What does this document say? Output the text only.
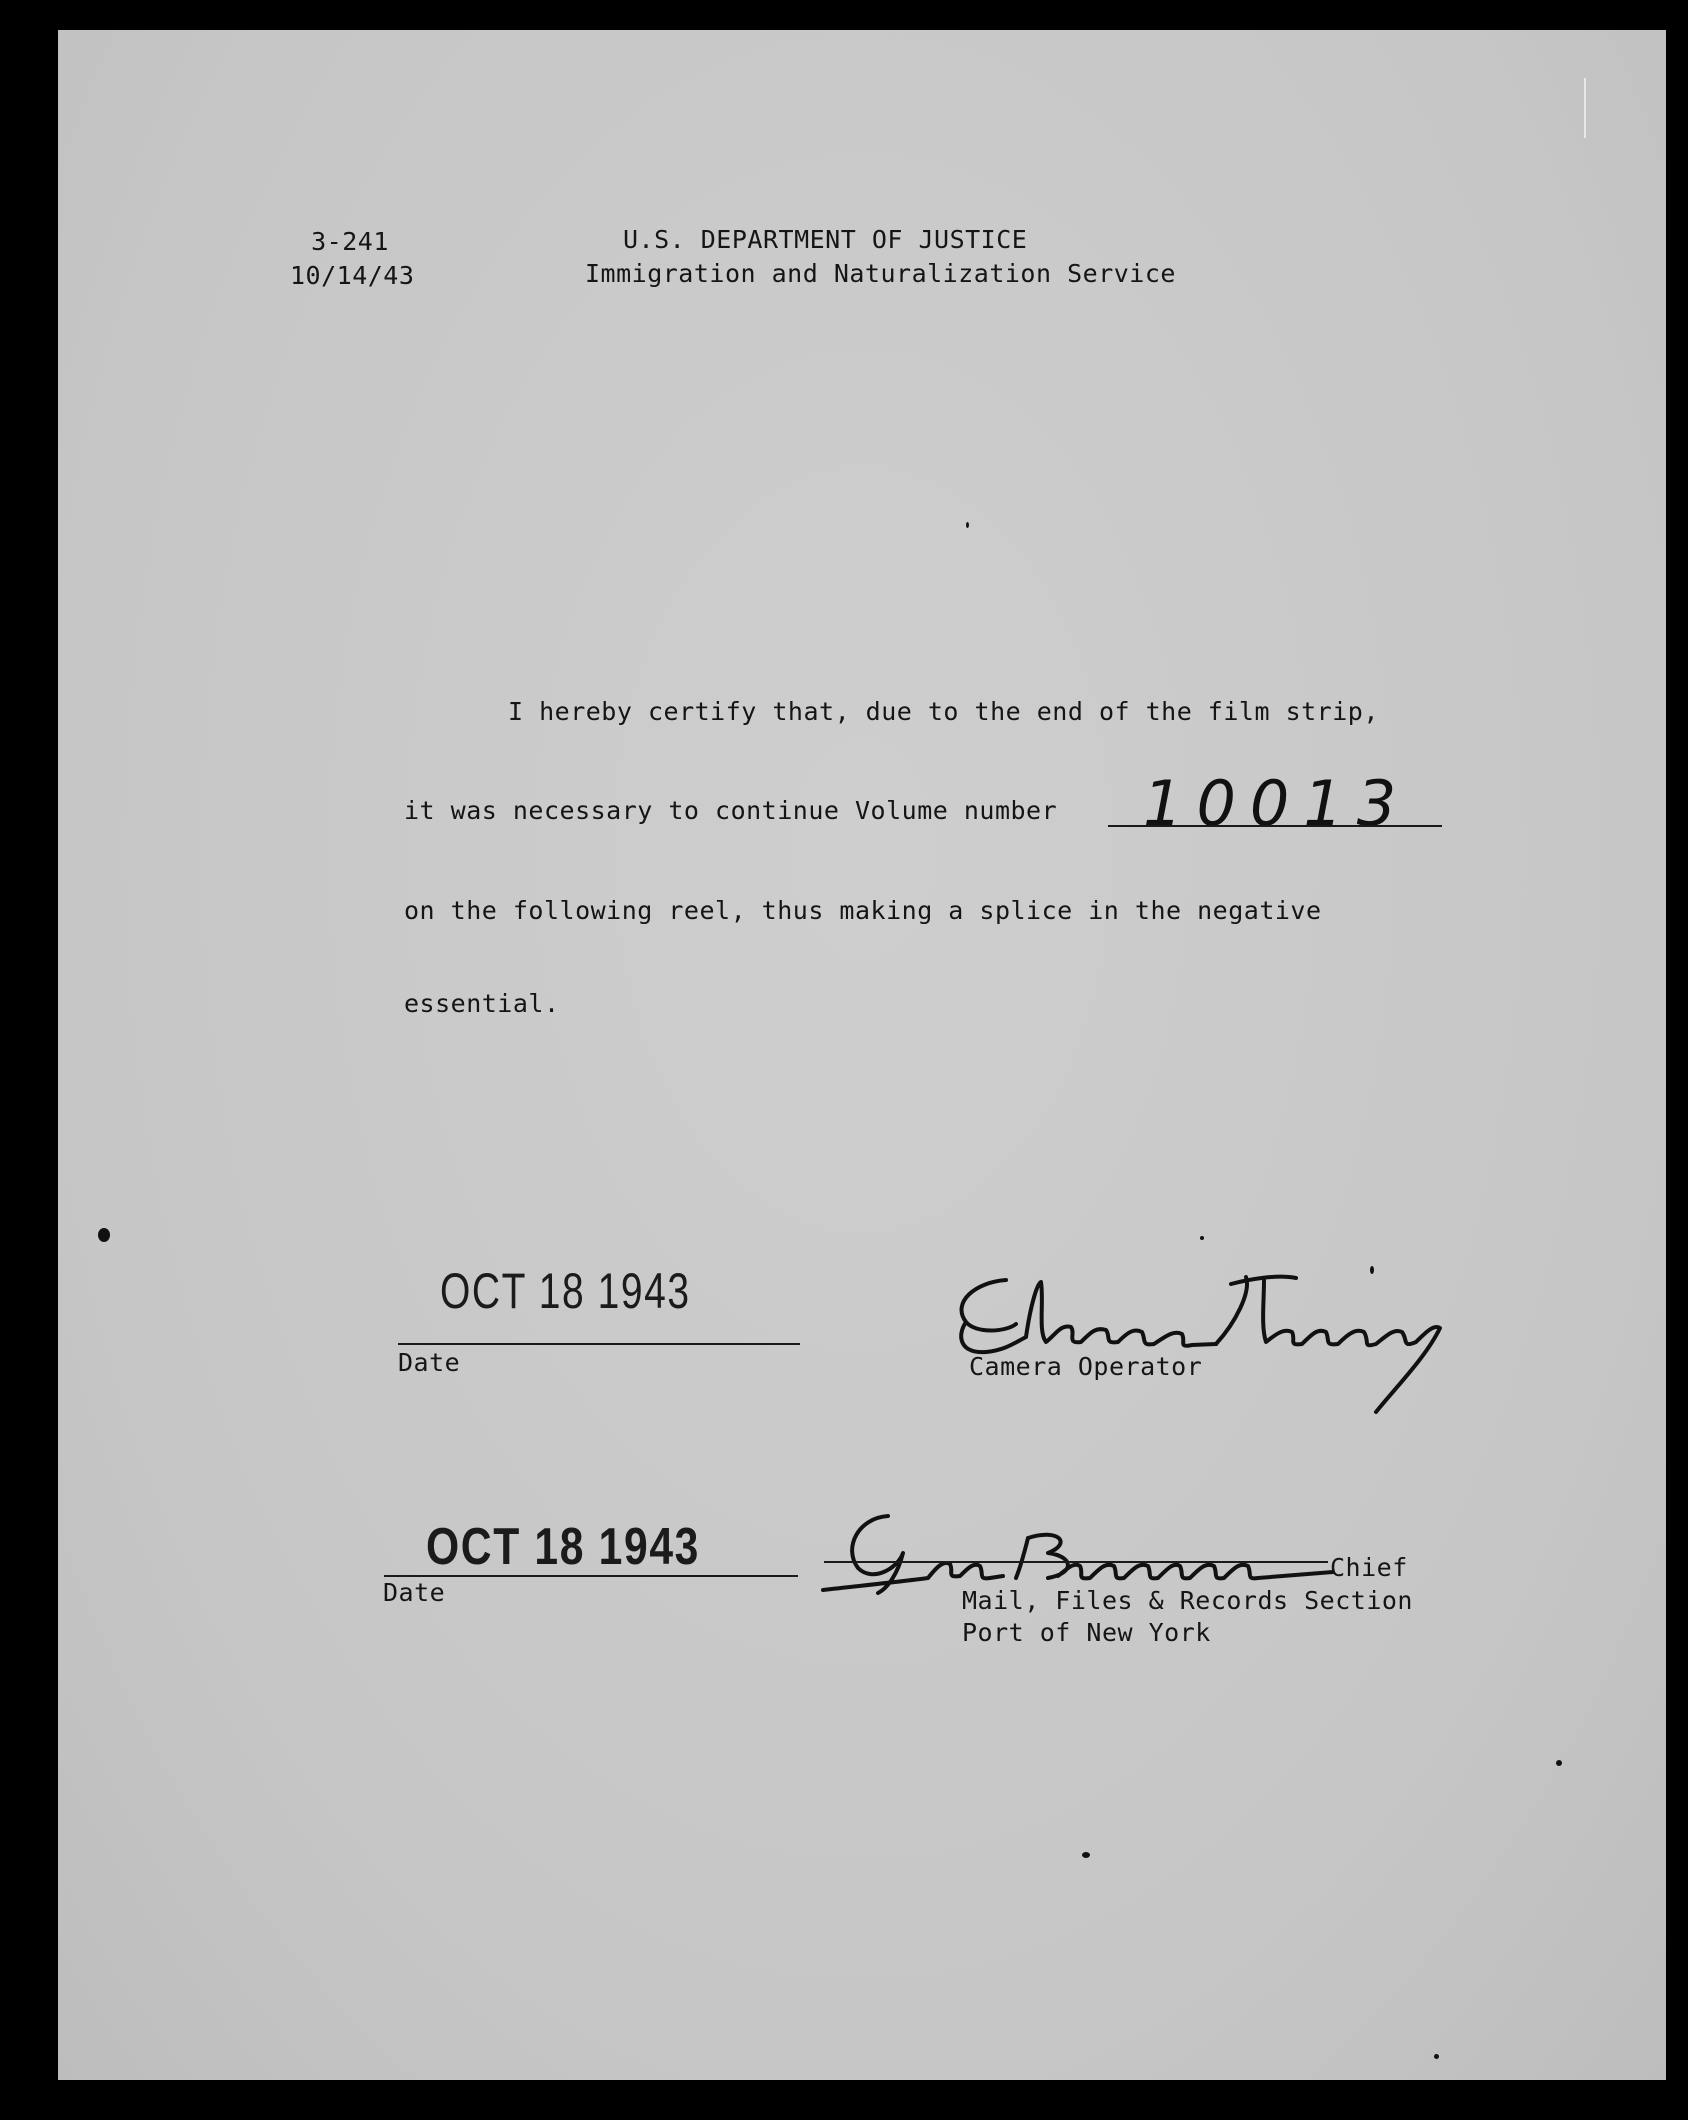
3-241
10/14/43
U.S. DEPARTMENT OF JUSTICE
Immigration and Naturalization Service
I hereby certify that, due to the end of the film strip,
it was necessary to continue Volume number 10013
on the following reel, thus making a splice in the negative
essential.
OCT 18 1943
Date	Camera Operator
OCT 18 1943
Date
Chief
Mail, Files & Records Section
Port of New York
